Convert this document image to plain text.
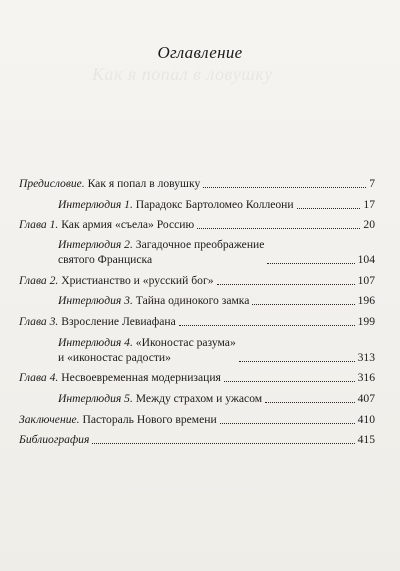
Как я попал в ловушку
Оглавление
Предисловие. Как я попал в ловушку	7
Интерлюдия 1. Парадокс Бартоломео Коллеони	17
Глава 1. Как армия «съела» Россию	20
Интерлюдия 2. Загадочное преображение
святого Франциска	104
Глава 2. Христианство и «русский бог»	107
Интерлюдия 3. Тайна одинокого замка	196
Глава 3. Взросление Левиафана	199
Интерлюдия 4. «Иконостас разума»
и «иконостас радости»	313
Глава 4. Несвоевременная модернизация	316
Интерлюдия 5. Между страхом и ужасом	407
Заключение. Пастораль Нового времени	410
Библиография	415
